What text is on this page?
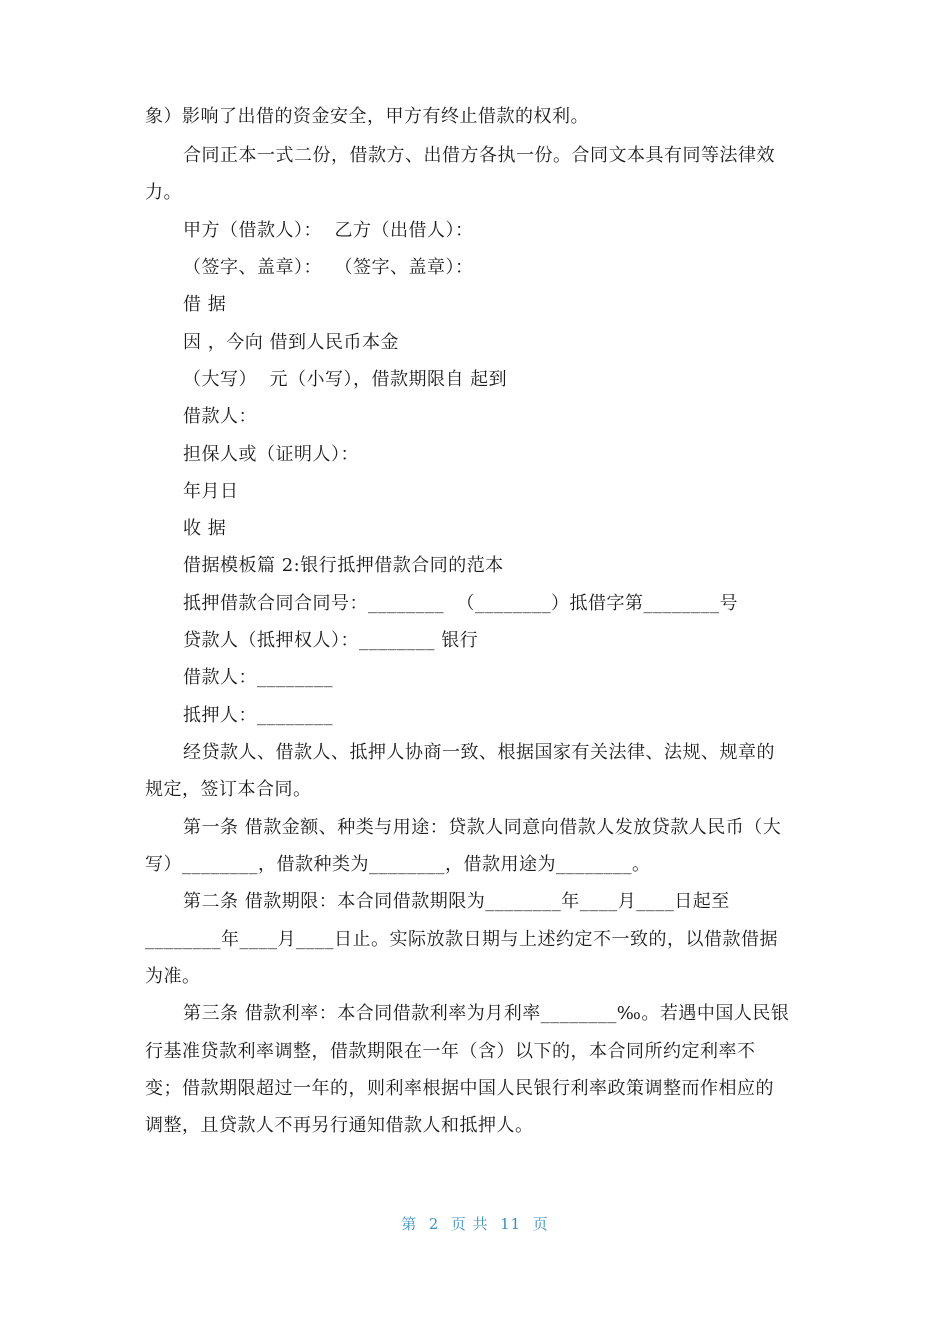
象）影响了出借的资金安全，甲方有终止借款的权利。
合同正本一式二份，借款方、出借方各执一份。合同文本具有同等法律效
力。
甲方（借款人）：  乙方（出借人）：
（签字、盖章）：  （签字、盖章）：
借 据
因 ，今向 借到人民币本金
（大写）  元（小写），借款期限自 起到
借款人：
担保人或（证明人）：
年月日
收 据
借据模板篇 2:银行抵押借款合同的范本
抵押借款合同合同号：________  （________）抵借字第________号
贷款人（抵押权人）：________ 银行
借款人：________
抵押人：________
经贷款人、借款人、抵押人协商一致、根据国家有关法律、法规、规章的
规定，签订本合同。
第一条 借款金额、种类与用途：贷款人同意向借款人发放贷款人民币（大
写）________，借款种类为________，借款用途为________。
第二条 借款期限：本合同借款期限为________年____月____日起至
________年____月____日止。实际放款日期与上述约定不一致的，以借款借据
为准。
第三条 借款利率：本合同借款利率为月利率________‰。若遇中国人民银
行基准贷款利率调整，借款期限在一年（含）以下的，本合同所约定利率不
变；借款期限超过一年的，则利率根据中国人民银行利率政策调整而作相应的
调整，且贷款人不再另行通知借款人和抵押人。
第  2  页 共  11  页
